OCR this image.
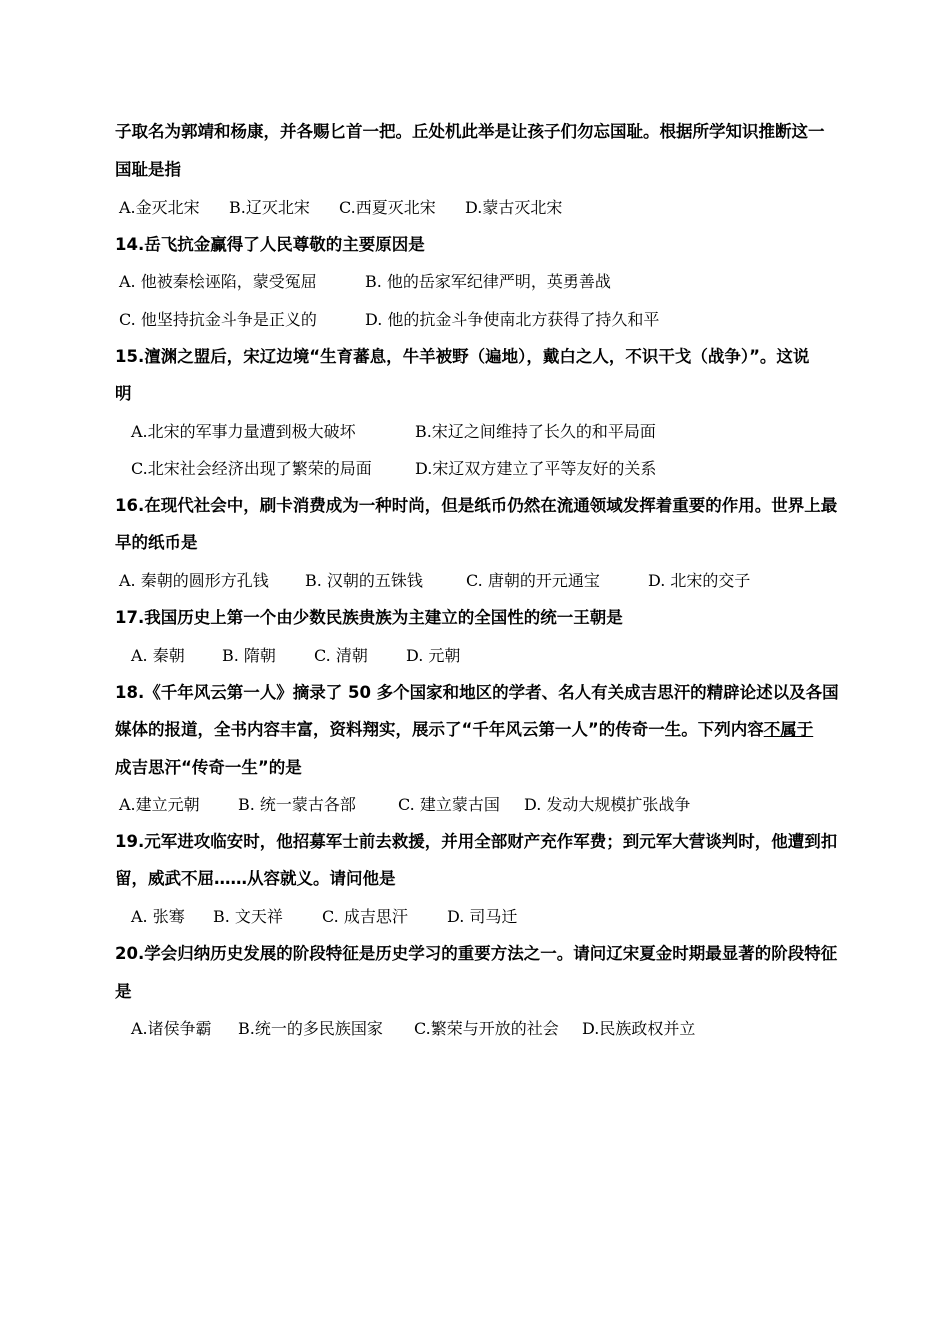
子取名为郭靖和杨康，并各赐匕首一把。丘处机此举是让孩子们勿忘国耻。根据所学知识推断这一
国耻是指
A.金灭北宋 B.辽灭北宋 C.西夏灭北宋 D.蒙古灭北宋
14.岳飞抗金赢得了人民尊敬的主要原因是
A. 他被秦桧诬陷，蒙受冤屈	B. 他的岳家军纪律严明，英勇善战
C. 他坚持抗金斗争是正义的	D. 他的抗金斗争使南北方获得了持久和平
15.澶渊之盟后，宋辽边境“生育蕃息，牛羊被野（遍地），戴白之人，不识干戈（战争）”。这说
明
A.北宋的军事力量遭到极大破坏	B.宋辽之间维持了长久的和平局面
C.北宋社会经济出现了繁荣的局面	D.宋辽双方建立了平等友好的关系
16.在现代社会中，刷卡消费成为一种时尚，但是纸币仍然在流通领域发挥着重要的作用。世界上最
早的纸币是
A. 秦朝的圆形方孔钱 B. 汉朝的五铢钱	C. 唐朝的开元通宝	D. 北宋的交子
17.我国历史上第一个由少数民族贵族为主建立的全国性的统一王朝是
A. 秦朝 B. 隋朝 C. 清朝 D. 元朝
18.《千年风云第一人》摘录了 50 多个国家和地区的学者、名人有关成吉思汗的精辟论述以及各国
媒体的报道，全书内容丰富，资料翔实，展示了“千年风云第一人”的传奇一生。下列内容不属于
成吉思汗“传奇一生”的是
A.建立元朝 B. 统一蒙古各部	C. 建立蒙古国 D. 发动大规模扩张战争
19.元军进攻临安时，他招募军士前去救援，并用全部财产充作军费；到元军大营谈判时，他遭到扣
留，威武不屈……从容就义。请问他是
A. 张骞 B. 文天祥 C. 成吉思汗 D. 司马迁
20.学会归纳历史发展的阶段特征是历史学习的重要方法之一。请问辽宋夏金时期最显著的阶段特征
是
A.诸侯争霸 B.统一的多民族国家 C.繁荣与开放的社会 D.民族政权并立
